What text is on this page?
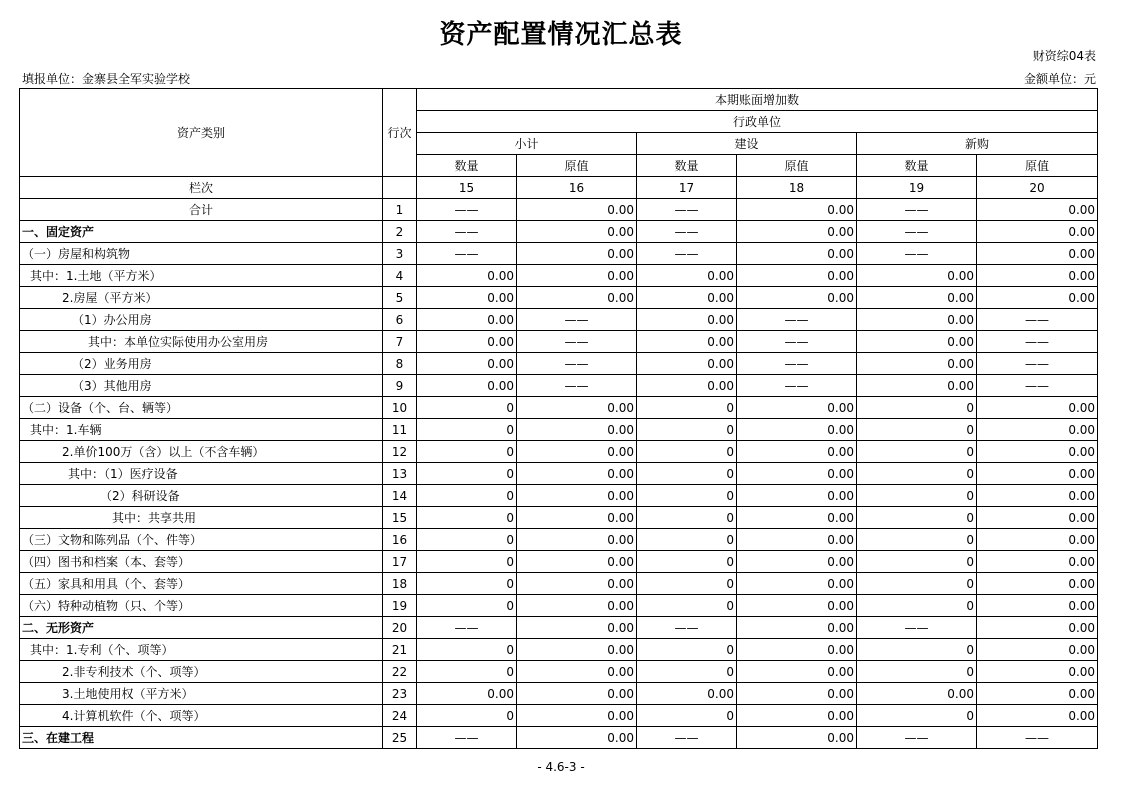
资产配置情况汇总表
财资综04表
填报单位：金寨县全军实验学校	金额单位：元
资产类别	行次	本期账面增加数					
		行政单位					
		小计		建设		新购	
		数量	原值	数量	原值	数量	原值
栏次		15	16	17	18	19	20
合计	1	——	0.00	——	0.00	——	0.00
一、固定资产	2	——	0.00	——	0.00	——	0.00
（一）房屋和构筑物	3	——	0.00	——	0.00	——	0.00
其中：1.土地（平方米）	4	0.00	0.00	0.00	0.00	0.00	0.00
2.房屋（平方米）	5	0.00	0.00	0.00	0.00	0.00	0.00
（1）办公用房	6	0.00	——	0.00	——	0.00	——
其中：本单位实际使用办公室用房	7	0.00	——	0.00	——	0.00	——
（2）业务用房	8	0.00	——	0.00	——	0.00	——
（3）其他用房	9	0.00	——	0.00	——	0.00	——
（二）设备（个、台、辆等）	10	0	0.00	0	0.00	0	0.00
其中：1.车辆	11	0	0.00	0	0.00	0	0.00
2.单价100万（含）以上（不含车辆）	12	0	0.00	0	0.00	0	0.00
其中：（1）医疗设备	13	0	0.00	0	0.00	0	0.00
（2）科研设备	14	0	0.00	0	0.00	0	0.00
其中：共享共用	15	0	0.00	0	0.00	0	0.00
（三）文物和陈列品（个、件等）	16	0	0.00	0	0.00	0	0.00
（四）图书和档案（本、套等）	17	0	0.00	0	0.00	0	0.00
（五）家具和用具（个、套等）	18	0	0.00	0	0.00	0	0.00
（六）特种动植物（只、个等）	19	0	0.00	0	0.00	0	0.00
二、无形资产	20	——	0.00	——	0.00	——	0.00
其中：1.专利（个、项等）	21	0	0.00	0	0.00	0	0.00
2.非专利技术（个、项等）	22	0	0.00	0	0.00	0	0.00
3.土地使用权（平方米）	23	0.00	0.00	0.00	0.00	0.00	0.00
4.计算机软件（个、项等）	24	0	0.00	0	0.00	0	0.00
三、在建工程	25	——	0.00	——	0.00	——	——
- 4.6-3 -
